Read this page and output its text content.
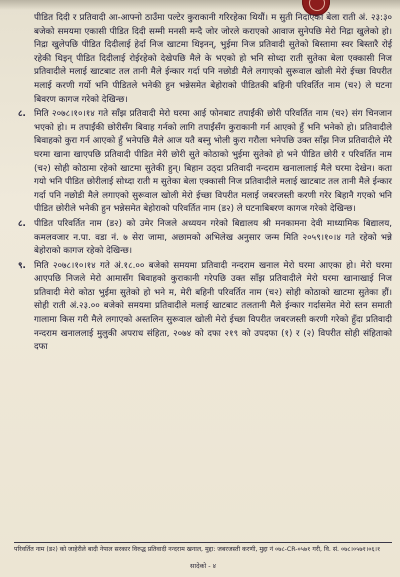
पीडित दिदी र प्रतिवादी आ-आफ्नो ठाउँमा पल्टेर कुराकानी गरिरहेका थियौं। म सुती निदाएका बेला राती अं. २३:३० बजेको समयमा एकासी पीडित दिदी सम्मी मनसी मन्दै जोर जोरले कराएको आवाज सुनेपछि मेरो निद्रा खुलेको हो। निद्रा खुलेपछि पीडित दिदीलाई हेर्दा निज खाटमा थिइनन्, भुईमा निज प्रतिवादी सुतेको बिस्तामा स्वर बिस्तारै रोई रहेकी थिइन् पीडित दिदीलाई रोईरहेको देखेपछि मैले के भएको हो भनि सोध्दा राती सुतेका बेला एक्कासी निज प्रतिवादीले मलाई खाटबाट तल तानी मैले ईन्कार गर्दा पनि नछोडी मैले लगाएको सुरूवाल खोली मेरो ईच्छा विपरीत मलाई करणी गर्यो भनि पीडितले भनेकी हुन भन्नेसमेत बेहोराको पीडितकी बहिनी परिवर्तित नाम (च२) ले घटना बिवरण कागज गरेको देखिन्छ।

८. मिति २०७८।१०।१४ गते साँझ प्रतिवादी मेरो घरमा आई फोनबाट तपाईंकी छोरी परिवर्तित नाम (च२) संग चिनजान भएको हो। म तपाईंकी छोरीसँग बिवाह गर्नको लागि तपाईंसँग कुराकानी गर्न आएको हुँ भनि भनेको हो। प्रतिवादीले बिवाहको कुरा गर्न आएको हुँ भनेपछि मैले आज यतै बस्नु भोली कुरा गरौला भनेपछि उक्त साँझ निज प्रतिवादीले मेरै घरमा खाना खाएपछि प्रतिवादी पीडित मेरी छोरी सुते कोठाको भुईमा सुतेको हो भने पीडित छोरी र परिवर्तित नाम (च२) सोही कोठामा रहेको खाटमा सुतेकी हुन्। बिहान उठ्दा प्रतिवादी नन्दराम खनालालाई मैले घरमा देखेन। कता गयो भनि पीडित छोरीलाई सोध्दा राती म सुतेका बेला एक्कासी निज प्रतिवादीले मलाई खाटबाट तल तानी मैले ईन्कार गर्दा पनि नछोडी मैले लगाएको सुरूवाल खोली मेरो ईच्छा विपरीत मलाई जबरजस्ती करणी गरेर बिहानै गएको भनि पीडित छोरीले भनेकी हुन भन्नेसमेत बेहोराको परिवर्तित नाम (ड२) ले घटनाबिबरण कागज गरेको देखिन्छ।

८. पीडित परिवर्तित नाम (ड२) को उमेर निजले अध्ययन गरेको बिद्यालय श्री मनकामना देवी माध्यामिक बिद्यालय, कमलवजार न.पा. वडा नं. ७ सेरा जामा, अछामको अभिलेख अनुसार जन्म मिति २०५९।१०।४ गते रहेको भन्ने बेहोराको कागज रहेको देखिन्छ।

९. मिति २०७८।१०।१४ गते अं.१८.०० बजेको समयमा प्रतिवादी नन्दराम खनाल मेरो घरमा आएका हो। मेरो घरमा आएपछि निजले मेरो आमासँग बिवाहको कुराकानी गरेपछि उक्त साँझ प्रतिवादीले मेरो घरमा खानाखाई निज प्रतिवादी मेरो कोठा भुईमा सुतेको हो भने म, मेरी बहिनी परिवर्तित नाम (च२) सोही कोठाको खाटमा सुतेका हौं। सोही राती अं.२३.०० बजेको समयमा प्रतिवादीले मलाई खाटबाट तलतानी मैले ईन्कार गर्दासमेत मेरो स्तन समाती गालामा किस गरी मैले लगाएको अस्तलिन सुरूवाल खोली मेरो ईच्छा विपरीत जबरजस्ती करणी गरेको हुँदा प्रतिवादी नन्दराम खनाललाई मुलुकी अपराध संहिता, २०७४ को दफा २१९ को उपदफा (१) र (२) विपरीत सोही संहिताको दफा

परिवर्तित नाम (ड२) को जाहेरीले बादी नेपाल सरकार विरुद्ध प्रतिवादी नन्दराम खनाल, मुद्दा: जबरजस्ती करणी, मुद्दा नं ०७८-CR-०५७१ गरी, वि. सं. ०७८।०५७१।०६।१
सादेको - ४
